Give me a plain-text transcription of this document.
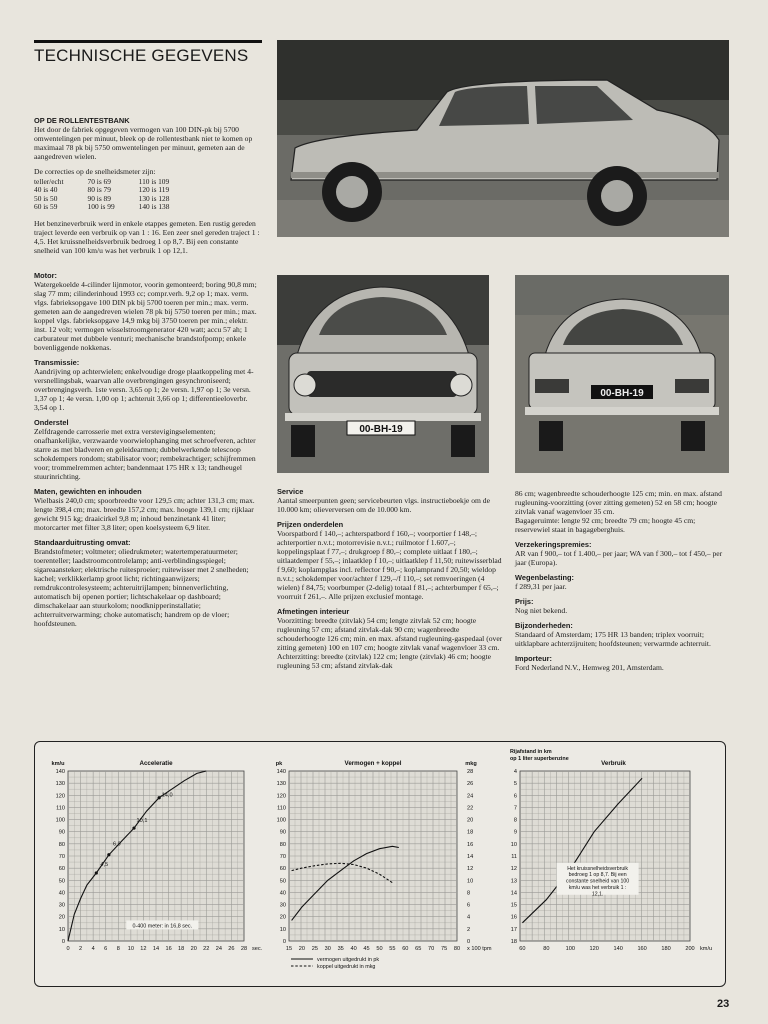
TECHNISCHE GEGEVENS
OP DE ROLLENTESTBANK

Het door de fabriek opgegeven vermogen van 100 DIN-pk bij 5700 omwentelingen per minuut, bleek op de rollentestbank niet te komen op maximaal 78 pk bij 5750 omwentelingen per minuut, gemeten aan de aangedreven wielen.

De correcties op de snelheidsmeter zijn:

teller/echt	70 is 69	110 is 109
40 is 40	80 is 79	120 is 119
50 is 50	90 is 89	130 is 128
60 is 59	100 is 99	140 is 138

Het benzineverbruik werd in enkele etappes gemeten. Een rustig gereden traject leverde een verbruik op van 1 : 16. Een zeer snel gereden traject 1 : 4,5. Het kruissnelheidsverbruik bedroeg 1 op 8,7. Bij een constante snelheid van 100 km/u was het verbruik 1 op 12,1.

Motor:

Watergekoelde 4-cilinder lijnmotor, voorin gemonteerd; boring 90,8 mm; slag 77 mm; cilinderinhoud 1993 cc; compr.verh. 9,2 op 1; max. verm. vlgs. fabrieksopgave 100 DIN pk bij 5700 toeren per min.; max. verm. gemeten aan de aangedreven wielen 78 pk bij 5750 toeren per min.; max. koppel vlgs. fabrieksopgave 14,9 mkg bij 3750 toeren per min.; elektr. inst. 12 volt; vermogen wisselstroomgenerator 420 watt; accu 57 ah; 1 carburateur met dubbele venturi; mechanische brandstofpomp; enkele bovenliggende nokkenas.

Transmissie:

Aandrijving op achterwielen; enkelvoudige droge plaatkoppeling met 4-versnellingsbak, waarvan alle overbrengingen gesynchroniseerd; overbrengingsverh. 1ste versn. 3,65 op 1; 2e versn. 1,97 op 1; 3e versn. 1,37 op 1; 4e versn. 1,00 op 1; achteruit 3,66 op 1; differentieeloverbr. 3,54 op 1.

Onderstel

Zelfdragende carrosserie met extra verstevigingselementen; onafhankelijke, verzwaarde voorwielophanging met schroefveren, achter starre as met bladveren en geleidearmen; dubbelwerkende telescoop schokdempers rondom; stabilisator voor; rembekrachtiger; schijfremmen voor; trommelremmen achter; bandenmaat 175 HR x 13; tandheugel stuurinrichting.

Maten, gewichten en inhouden

Wielbasis 240,0 cm; spoorbreedte voor 129,5 cm; achter 131,3 cm; max. lengte 398,4 cm; max. breedte 157,2 cm; max. hoogte 139,1 cm; rijklaar gewicht 915 kg; draaicirkel 9,8 m; inhoud benzinetank 41 liter; motorcarter met filter 3,8 liter; open koelsysteem 6,9 liter.

Standaarduitrusting omvat:

Brandstofmeter; voltmeter; oliedrukmeter; watertemperatuurmeter; toerenteller; laadstroomcontrolelamp; anti-verblindingsspiegel; sigareaansteker; elektrische ruitesproeier; ruitewisser met 2 snelheden; kachel; verklikkerlamp groot licht; richtingaanwijzers; remdrukcontrolesysteem; achteruitrijlampen; binnenverlichting, automatisch bij openen portier; lichtschakelaar op dashboard; dimschakelaar aan stuurkolom; noodknipperinstallatie; achterruitverwarming; choke automatisch; handrem op de vloer; hoofdsteunen.

00-BH-19
00-BH-19
Service

Aantal smeerpunten geen; servicebeurten vlgs. instructieboekje om de 10.000 km; olieverversen om de 10.000 km.

Prijzen onderdelen

Voorspatbord f 140,–; achterspatbord f 160,–; voorportier f 148,–; achterportier n.v.t.; motorrevisie n.v.t.; ruilmotor f 1.607,–; koppelingsplaat f 77,–; drukgroep f 80,–; complete uitlaat f 180,–; uitlaatdemper f 55,–; inlaatklep f 10,–; uitlaatklep f 11,50; ruitewisserblad f 9,60; koplampglas incl. reflector f 90,–; koplamprand f 20,50; wieldop n.v.t.; schokdemper voor/achter f 129,–/f 110,–; set remvoeringen (4 wielen) f 84,75; voorbumper (2-delig) totaal f 81,–; achterbumper f 65,–; voorruit f 261,–. Alle prijzen exclusief montage.

Afmetingen interieur

Voorzitting: breedte (zitvlak) 54 cm; lengte zitvlak 52 cm; hoogte rugleuning 57 cm; afstand zitvlak-dak 90 cm; wagenbreedte schouderhoogte 126 cm; min. en max. afstand rugleuning-gaspedaal (over zitting gemeten) 100 en 107 cm; hoogte zitvlak vanaf wagenvloer 33 cm. Achterzitting: breedte (zitvlak) 122 cm; lengte (zitvlak) 46 cm; hoogte rugleuning 53 cm; afstand zitvlak-dak

86 cm; wagenbreedte schouderhoogte 125 cm; min. en max. afstand rugleuning-voorzitting (over zitting gemeten) 52 en 58 cm; hoogte zitvlak vanaf wagenvloer 35 cm.

Bagageruimte: lengte 92 cm; breedte 79 cm; hoogte 45 cm; reservewiel staat in bagageberghuis.

Verzekeringspremies:

AR van f 900,– tot f 1.400,– per jaar; WA van f 300,– tot f 450,– per jaar (Europa).

Wegenbelasting:

f 289,31 per jaar.

Prijs:

Nog niet bekend.

Bijzonderheden:

Standaard of Amsterdam; 175 HR 13 banden; triplex voorruit; uitklapbare achterzijruiten; hoofdsteunen; verwarmde achterruit.

Importeur:

Ford Nederland N.V., Hemweg 201, Amsterdam.

0 2 4 6 8 10 12 14 16 18 20 22 24 26 28
0
10
20
30
40
50
60
70
80
90
100
110
120
130
140
Acceleratie
km/u
sec.
4,5
6,9
10,1
14,0
0-400 meter: in 16,8 sec.
15 20 25 30 35 40 45 50 55 60 65 70 75 80
0
10
20
30
40
50
60
70
80
90
100
110
120
130
140
0
2
4
6
8
10
12
14
16
18
20
22
24
26
28
Vermogen + koppel
pk	mkg
x 100 tpm
vermogen uitgedrukt in pk
koppel uitgedrukt in mkg
60	80	100	120	140	160	180	200
4
5
6
7
8
9
10
11
12
13
14
15
16
17
18
Verbruik
Rijafstand in km
op 1 liter superbenzine
km/u
Het kruissnelheidsverbruik
bedroeg 1 op 8,7. Bij een
constante snelheid van 100
km/u was het verbruik 1 :
12,1.
23
